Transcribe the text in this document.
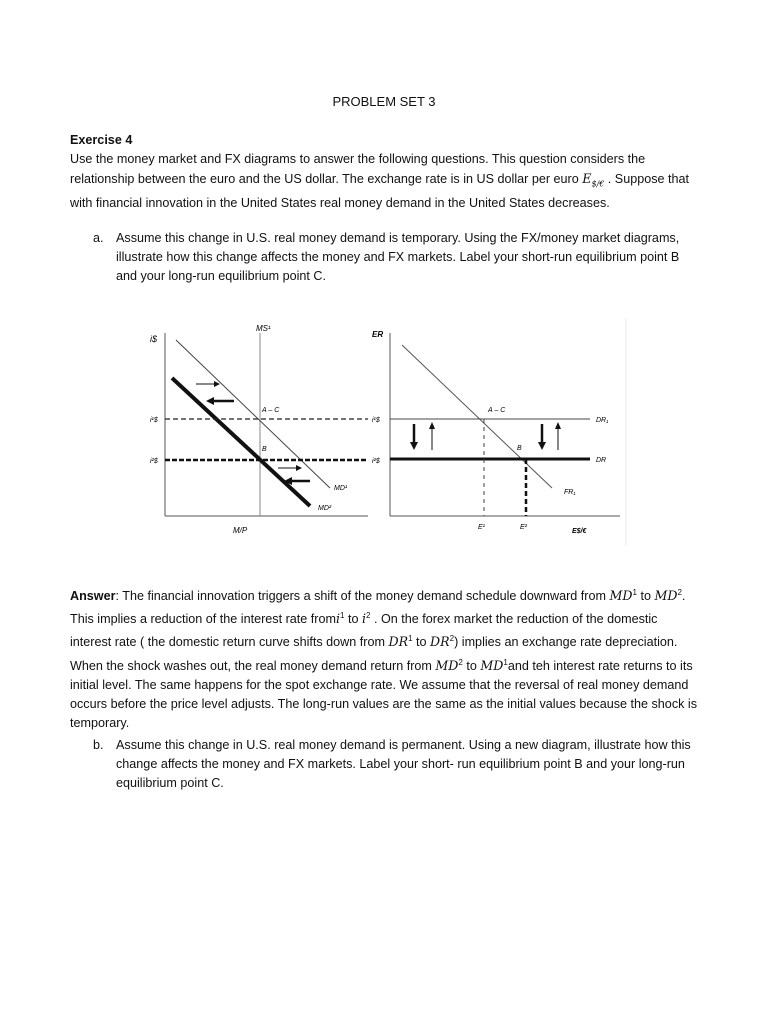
PROBLEM SET 3
Exercise 4
Use the money market and FX diagrams to answer the following questions. This question considers the relationship between the euro and the US dollar. The exchange rate is in US dollar per euro $E_{\$/€}$ . Suppose that with financial innovation in the United States real money demand in the United States decreases.
a. Assume this change in U.S. real money demand is temporary. Using the FX/money market diagrams, illustrate how this change affects the money and FX markets. Label your short-run equilibrium point B and your long-run equilibrium point C.
i$
M/P
MS¹
MD¹
MD²
i¹$
i²$
A – C
B
ER
E$/€
i¹$
i²$
FR₁
DR₁
DR
A – C
B
E¹	E²
Answer: The financial innovation triggers a shift of the money demand schedule downward from $MD^1$ to $MD^2$. This implies a reduction of the interest rate fromi$^1$ to $i^2$ . On the forex market the reduction of the domestic interest rate ( the domestic return curve shifts down from $DR^1$ to $DR^2$) implies an exchange rate depreciation. When the shock washes out, the real money demand return from $MD^2$ to $MD^1and$ teh interest rate returns to its initial level. The same happens for the spot exchange rate. We assume that the reversal of real money demand occurs before the price level adjusts. The long-run values are the same as the initial values because the shock is temporary.
b. Assume this change in U.S. real money demand is permanent. Using a new diagram, illustrate how this change affects the money and FX markets. Label your short- run equilibrium point B and your long-run equilibrium point C.
